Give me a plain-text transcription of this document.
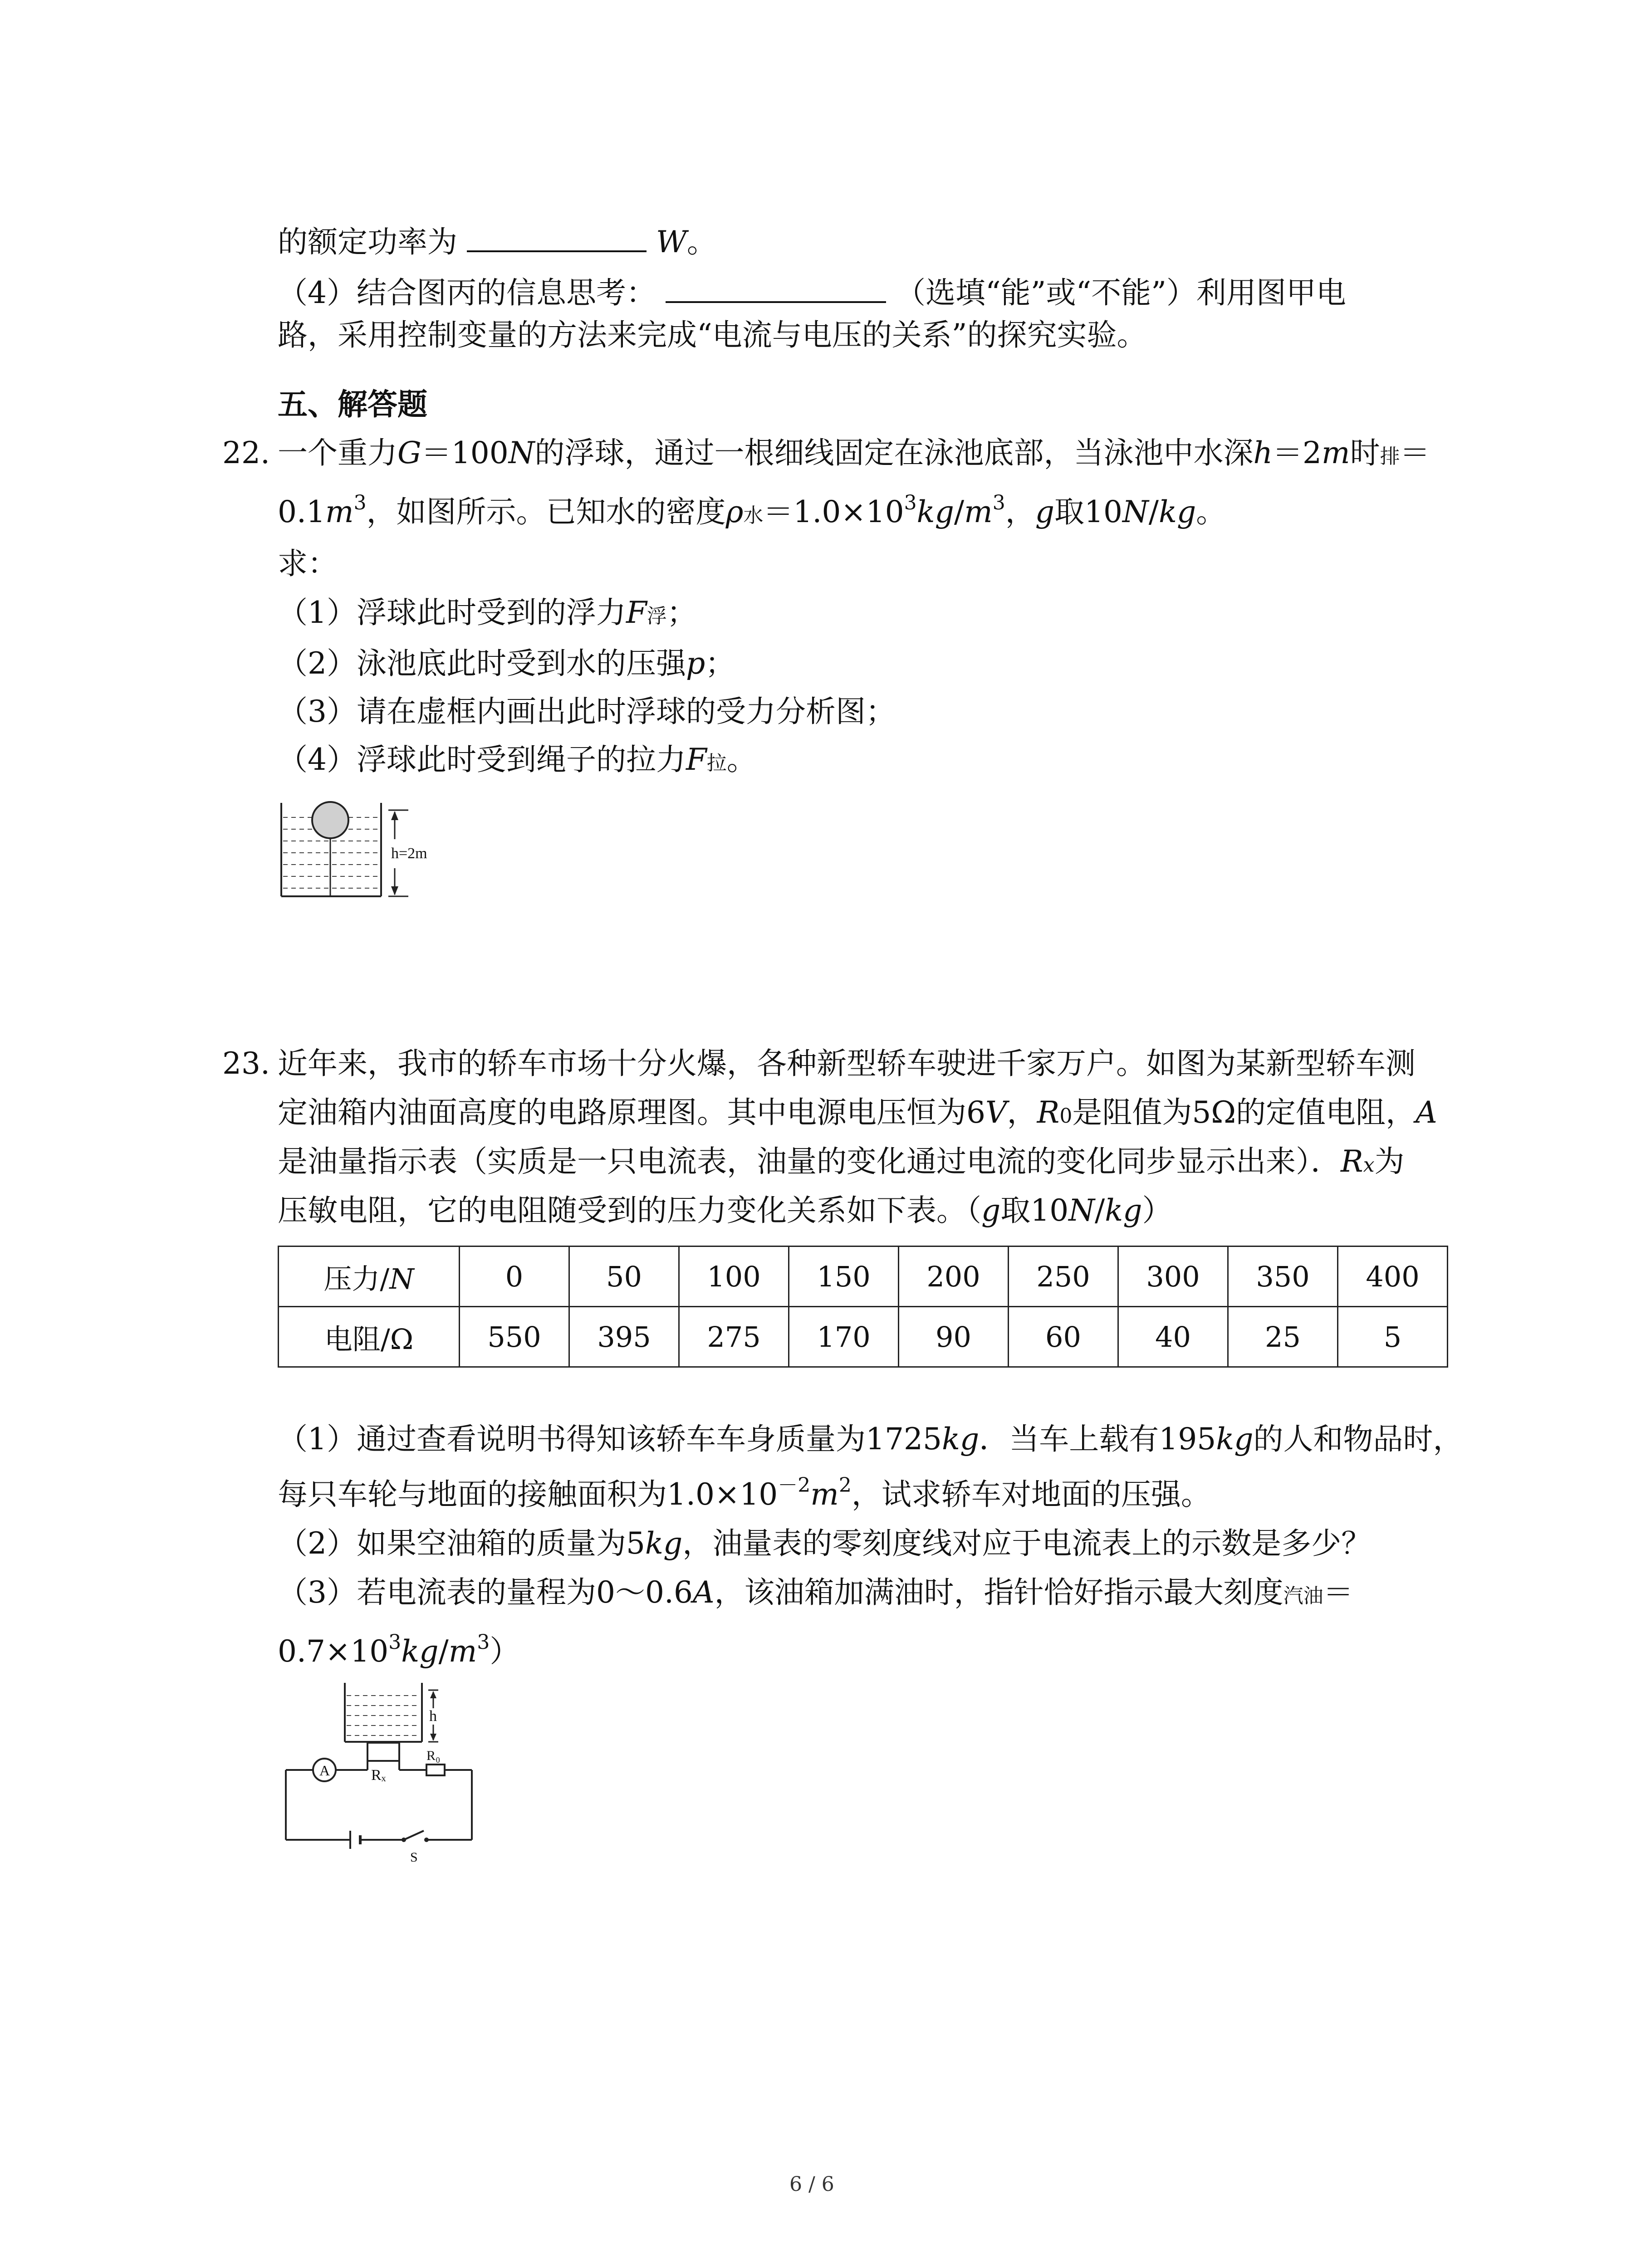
的额定功率为	W。
（4）结合图丙的信息思考：	（选填“能”或“不能”）利用图甲电
路，采用控制变量的方法来完成“电流与电压的关系”的探究实验。
五、解答题
22. 一个重力G＝100N的浮球，通过一根细线固定在泳池底部，当泳池中水深h＝2m时排＝
$0.1m^3$，如图所示。已知水的密度ρ水$=1.0\times 10^3kg/m^3$，g取10N/kg。
求：
（1）浮球此时受到的浮力F浮；
（2）泳池底此时受到水的压强p；
（3）请在虚框内画出此时浮球的受力分析图；
（4）浮球此时受到绳子的拉力F拉。
h=2m
23. 近年来，我市的轿车市场十分火爆，各种新型轿车驶进千家万户。如图为某新型轿车测
定油箱内油面高度的电路原理图。其中电源电压恒为6V，R0是阻值为5Ω的定值电阻，A
是油量指示表（实质是一只电流表，油量的变化通过电流的变化同步显示出来）．Rx为
压敏电阻，它的电阻随受到的压力变化关系如下表。（g取10N/kg）
压力/N	0	50	100	150	200	250	300	350	400
电阻/Ω	550	395	275	170	90	60	40	25	5
（1）通过查看说明书得知该轿车车身质量为1725kg．当车上载有195kg的人和物品时，
每只车轮与地面的接触面积为$1.0\times 10^{-2}m^2$，试求轿车对地面的压强。
（2）如果空油箱的质量为5kg，油量表的零刻度线对应于电流表上的示数是多少？
（3）若电流表的量程为0～0.6A，该油箱加满油时，指针恰好指示最大刻度汽油＝
$0.7\times 10^3kg/m^3$）
h
Rₓ
A
R₀
S
6 / 6
